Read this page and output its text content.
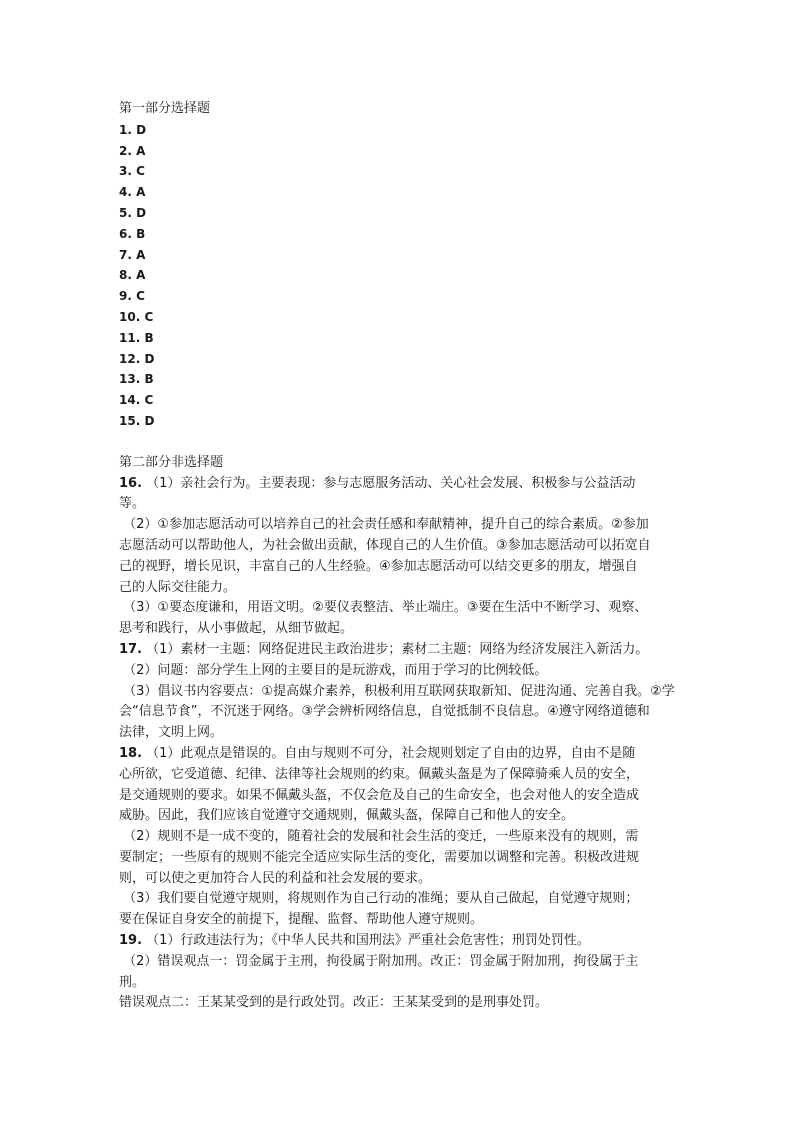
第一部分选择题
1. D
2. A
3. C
4. A
5. D
6. B
7. A
8. A
9. C
10. C
11. B
12. D
13. B
14. C
15. D
第二部分非选择题
16. （1）亲社会行为。主要表现：参与志愿服务活动、关心社会发展、积极参与公益活动
等。
（2）①参加志愿活动可以培养自己的社会责任感和奉献精神，提升自己的综合素质。②参加
志愿活动可以帮助他人，为社会做出贡献，体现自己的人生价值。③参加志愿活动可以拓宽自
己的视野，增长见识，丰富自己的人生经验。④参加志愿活动可以结交更多的朋友，增强自
己的人际交往能力。
（3）①要态度谦和，用语文明。②要仪表整洁、举止端庄。③要在生活中不断学习、观察、
思考和践行，从小事做起，从细节做起。
17. （1）素材一主题：网络促进民主政治进步；素材二主题：网络为经济发展注入新活力。
（2）问题：部分学生上网的主要目的是玩游戏，而用于学习的比例较低。
（3）倡议书内容要点：①提高媒介素养，积极利用互联网获取新知、促进沟通、完善自我。②学
会“信息节食”，不沉迷于网络。③学会辨析网络信息，自觉抵制不良信息。④遵守网络道德和
法律，文明上网。
18. （1）此观点是错误的。自由与规则不可分，社会规则划定了自由的边界，自由不是随
心所欲，它受道德、纪律、法律等社会规则的约束。佩戴头盔是为了保障骑乘人员的安全，
是交通规则的要求。如果不佩戴头盔，不仅会危及自己的生命安全，也会对他人的安全造成
威胁。因此，我们应该自觉遵守交通规则，佩戴头盔，保障自己和他人的安全。
（2）规则不是一成不变的，随着社会的发展和社会生活的变迁，一些原来没有的规则，需
要制定；一些原有的规则不能完全适应实际生活的变化，需要加以调整和完善。积极改进规
则，可以使之更加符合人民的利益和社会发展的要求。
（3）我们要自觉遵守规则，将规则作为自己行动的准绳；要从自己做起，自觉遵守规则；
要在保证自身安全的前提下，提醒、监督、帮助他人遵守规则。
19. （1）行政违法行为；《中华人民共和国刑法》严重社会危害性；刑罚处罚性。
（2）错误观点一：罚金属于主刑，拘役属于附加刑。改正：罚金属于附加刑，拘役属于主
刑。
错误观点二：王某某受到的是行政处罚。改正：王某某受到的是刑事处罚。
